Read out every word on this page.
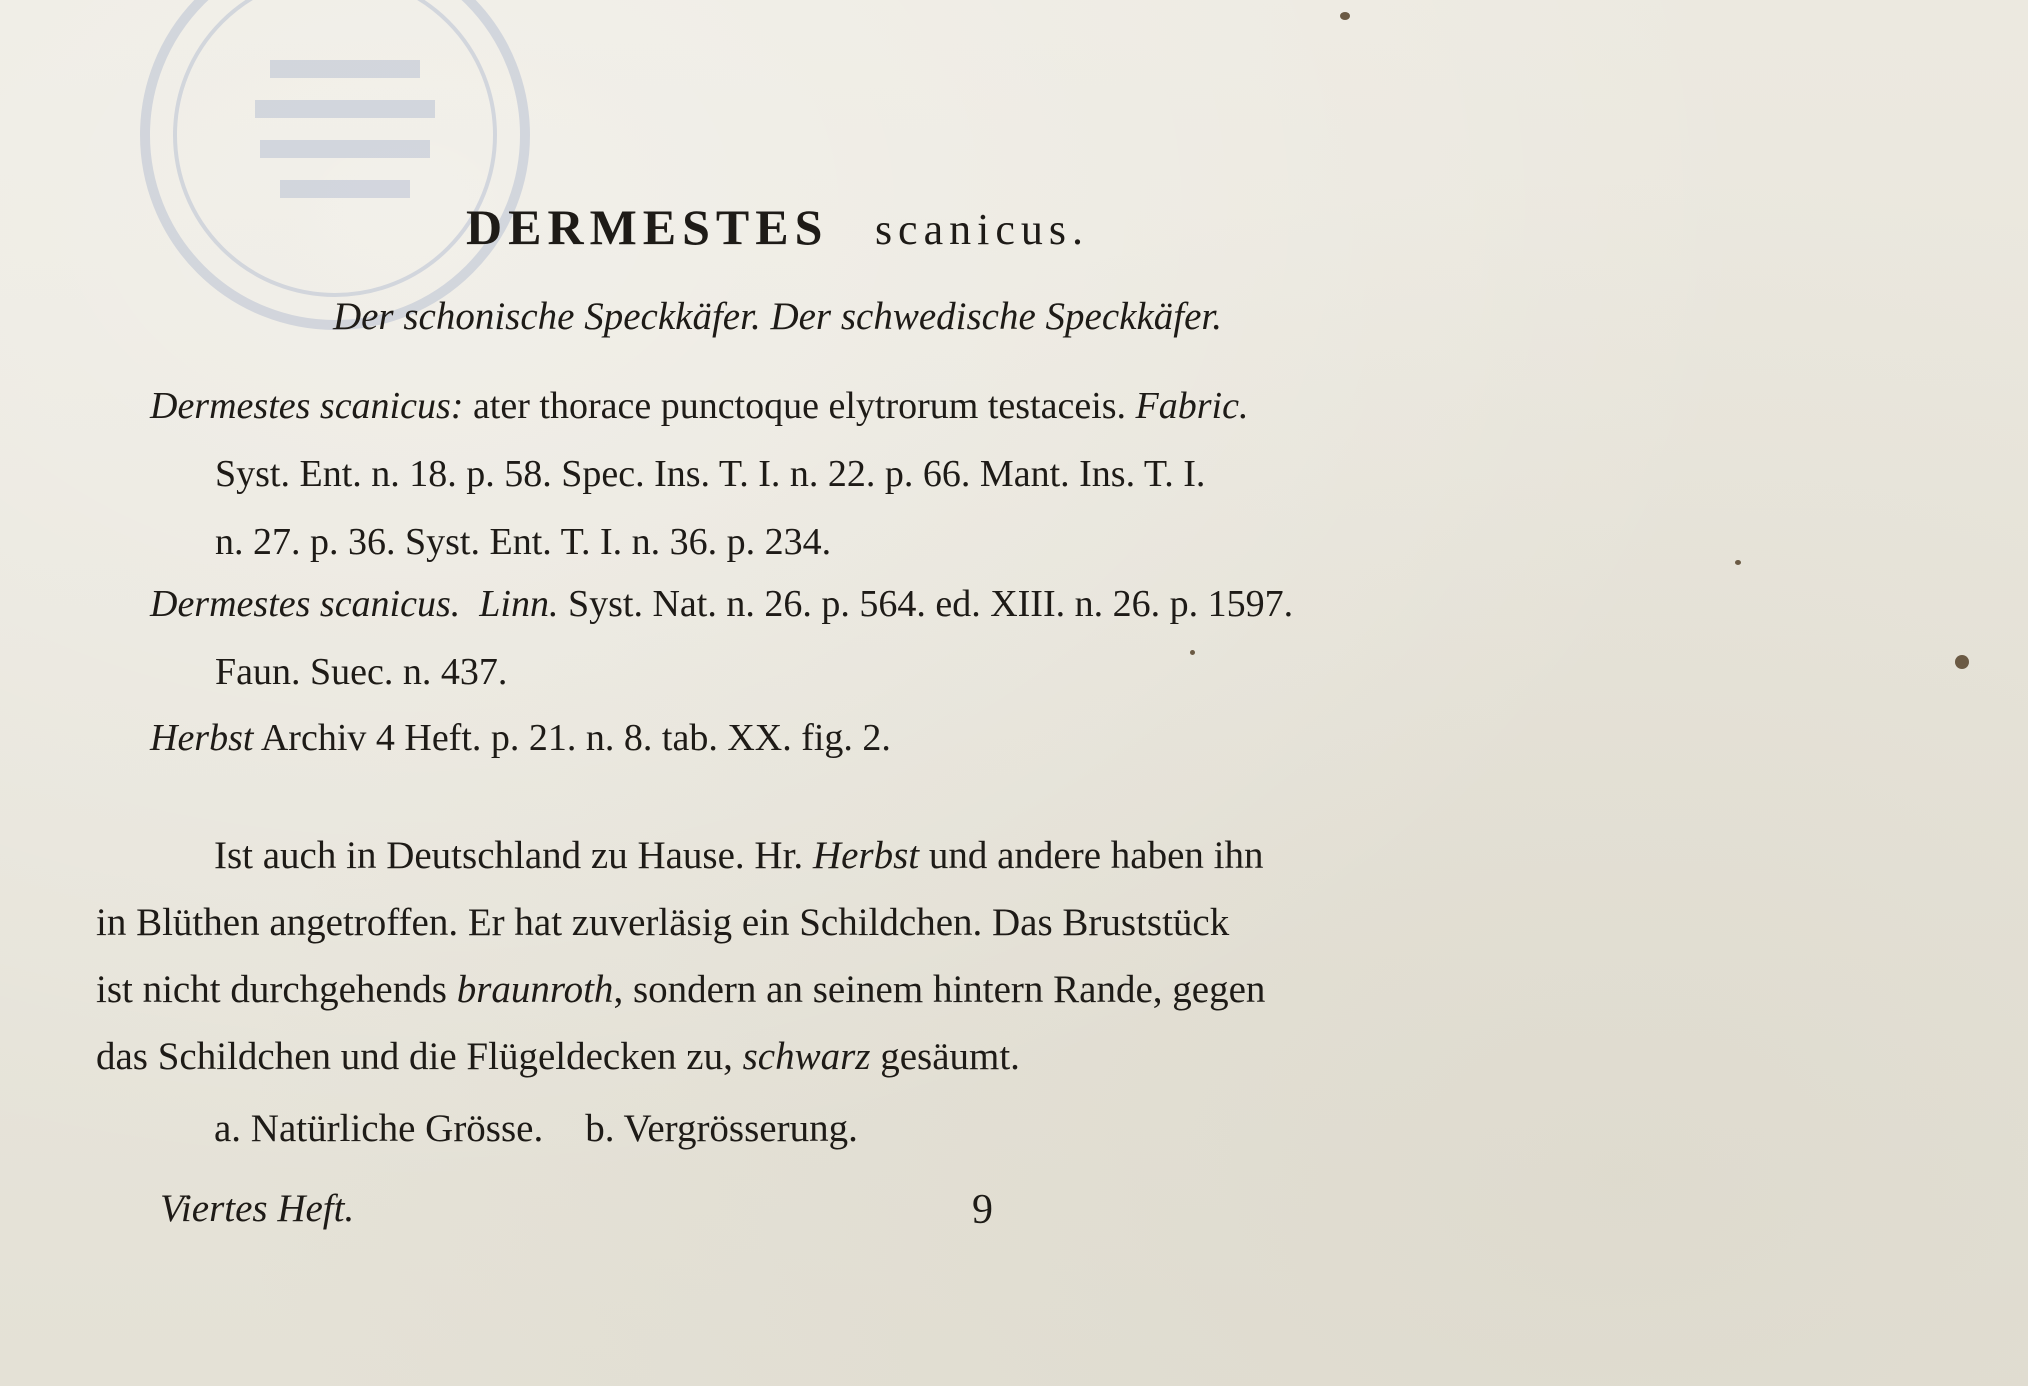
DERMESTES scanicus.
Der schonische Speckkäfer. Der schwedische Speckkäfer.
Dermestes scanicus: ater thorace punctoque elytrorum testaceis. Fabric.
Syst. Ent. n. 18. p. 58. Spec. Ins. T. I. n. 22. p. 66. Mant. Ins. T. I.
n. 27. p. 36. Syst. Ent. T. I. n. 36. p. 234.
Dermestes scanicus. Linn. Syst. Nat. n. 26. p. 564. ed. XIII. n. 26. p. 1597.
Faun. Suec. n. 437.
Herbst Archiv 4 Heft. p. 21. n. 8. tab. XX. fig. 2.
Ist auch in Deutschland zu Hause. Hr. Herbst und andere haben ihn
in Blüthen angetroffen. Er hat zuverläsig ein Schildchen. Das Bruststück
ist nicht durchgehends braunroth, sondern an seinem hintern Rande, gegen
das Schildchen und die Flügeldecken zu, schwarz gesäumt.
a. Natürliche Grösse. b. Vergrösserung.
Viertes Heft.	9
